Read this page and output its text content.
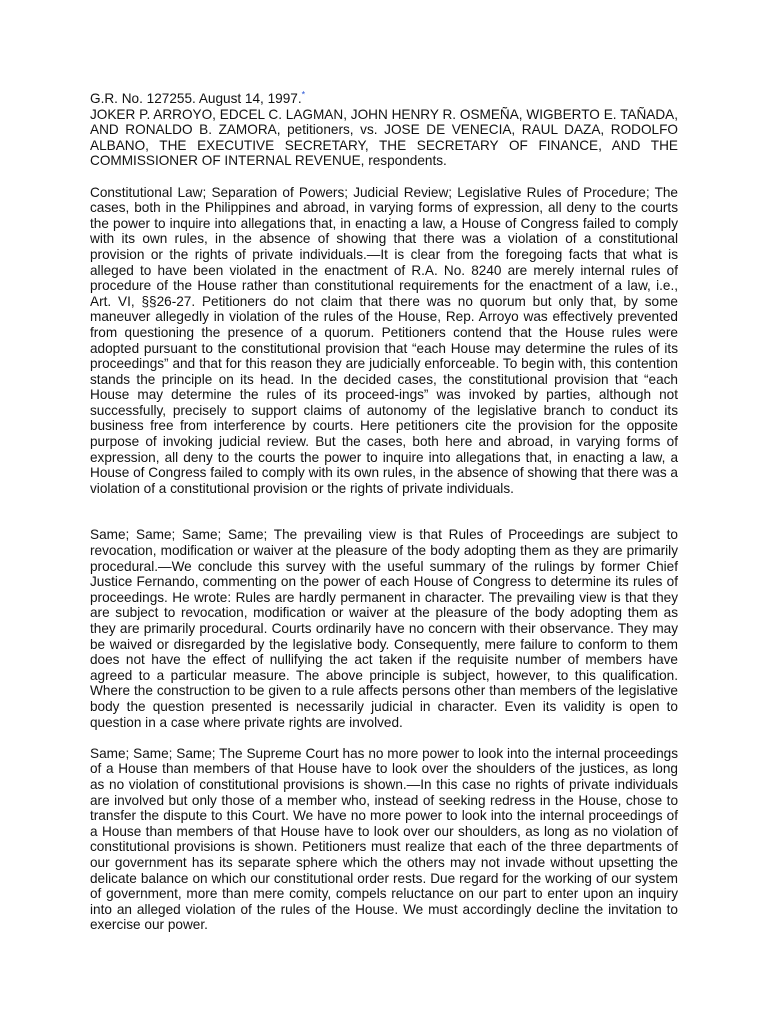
G.R. No. 127255. August 14, 1997.*

JOKER P. ARROYO, EDCEL C. LAGMAN, JOHN HENRY R. OSMEÑA, WIGBERTO E. TAÑADA, AND RONALDO B. ZAMORA, petitioners, vs. JOSE DE VENECIA, RAUL DAZA, RODOLFO ALBANO, THE EXECUTIVE SECRETARY, THE SECRETARY OF FINANCE, AND THE COMMISSIONER OF INTERNAL REVENUE, respondents.

Constitutional Law; Separation of Powers; Judicial Review; Legislative Rules of Procedure; The cases, both in the Philippines and abroad, in varying forms of expression, all deny to the courts the power to inquire into allegations that, in enacting a law, a House of Congress failed to comply with its own rules, in the absence of showing that there was a violation of a constitutional provision or the rights of private individuals.—It is clear from the foregoing facts that what is alleged to have been violated in the enactment of R.A. No. 8240 are merely internal rules of procedure of the House rather than constitutional requirements for the enactment of a law, i.e., Art. VI, §§26-27. Petitioners do not claim that there was no quorum but only that, by some maneuver allegedly in violation of the rules of the House, Rep. Arroyo was effectively prevented from questioning the presence of a quorum. Petitioners contend that the House rules were adopted pursuant to the constitutional provision that “each House may determine the rules of its proceedings” and that for this reason they are judicially enforceable. To begin with, this contention stands the principle on its head. In the decided cases, the constitutional provision that “each House may determine the rules of its proceed-ings” was invoked by parties, although not successfully, precisely to support claims of autonomy of the legislative branch to conduct its business free from interference by courts. Here petitioners cite the provision for the opposite purpose of invoking judicial review. But the cases, both here and abroad, in varying forms of expression, all deny to the courts the power to inquire into allegations that, in enacting a law, a House of Congress failed to comply with its own rules, in the absence of showing that there was a violation of a constitutional provision or the rights of private individuals.

Same; Same; Same; Same; The prevailing view is that Rules of Proceedings are subject to revocation, modification or waiver at the pleasure of the body adopting them as they are primarily procedural.—We conclude this survey with the useful summary of the rulings by former Chief Justice Fernando, commenting on the power of each House of Congress to determine its rules of proceedings. He wrote: Rules are hardly permanent in character. The prevailing view is that they are subject to revocation, modification or waiver at the pleasure of the body adopting them as they are primarily procedural. Courts ordinarily have no concern with their observance. They may be waived or disregarded by the legislative body. Consequently, mere failure to conform to them does not have the effect of nullifying the act taken if the requisite number of members have agreed to a particular measure. The above principle is subject, however, to this qualification. Where the construction to be given to a rule affects persons other than members of the legislative body the question presented is necessarily judicial in character. Even its validity is open to question in a case where private rights are involved.

Same; Same; Same; The Supreme Court has no more power to look into the internal proceedings of a House than members of that House have to look over the shoulders of the justices, as long as no violation of constitutional provisions is shown.—In this case no rights of private individuals are involved but only those of a member who, instead of seeking redress in the House, chose to transfer the dispute to this Court. We have no more power to look into the internal proceedings of a House than members of that House have to look over our shoulders, as long as no violation of constitutional provisions is shown. Petitioners must realize that each of the three departments of our government has its separate sphere which the others may not invade without upsetting the delicate balance on which our constitutional order rests. Due regard for the working of our system of government, more than mere comity, compels reluctance on our part to enter upon an inquiry into an alleged violation of the rules of the House. We must accordingly decline the invitation to exercise our power.
